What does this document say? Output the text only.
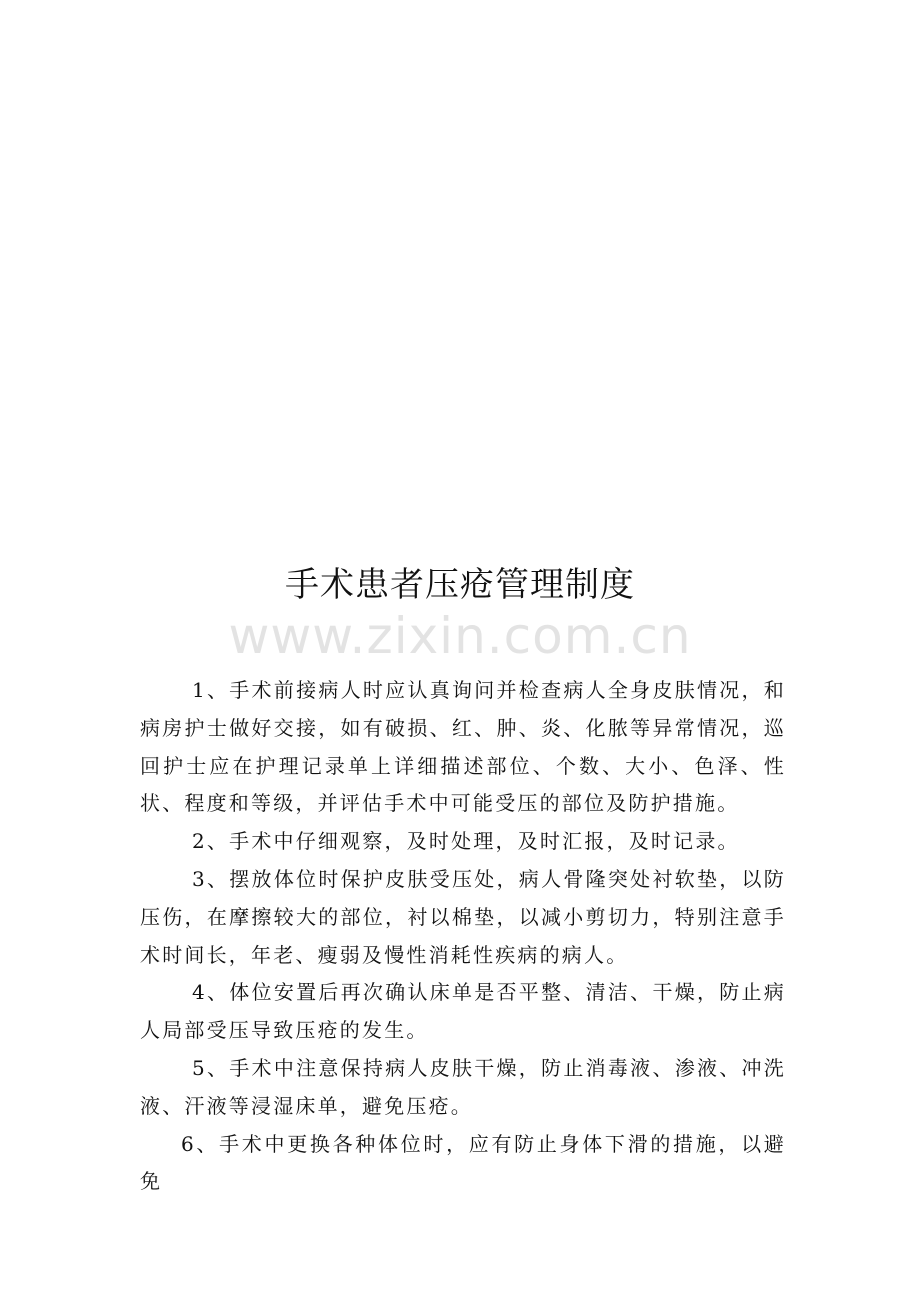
手术患者压疮管理制度
www.zixin.com.cn

1、手术前接病人时应认真询问并检查病人全身皮肤情况，和病房护士做好交接，如有破损、红、肿、炎、化脓等异常情况，巡回护士应在护理记录单上详细描述部位、个数、大小、色泽、性状、程度和等级，并评估手术中可能受压的部位及防护措施。

2、手术中仔细观察，及时处理，及时汇报，及时记录。

3、摆放体位时保护皮肤受压处，病人骨隆突处衬软垫，以防压伤，在摩擦较大的部位，衬以棉垫，以减小剪切力，特别注意手术时间长，年老、瘦弱及慢性消耗性疾病的病人。

4、体位安置后再次确认床单是否平整、清洁、干燥，防止病人局部受压导致压疮的发生。

5、手术中注意保持病人皮肤干燥，防止消毒液、渗液、冲洗液、汗液等浸湿床单，避免压疮。

6、手术中更换各种体位时，应有防止身体下滑的措施，以避免
